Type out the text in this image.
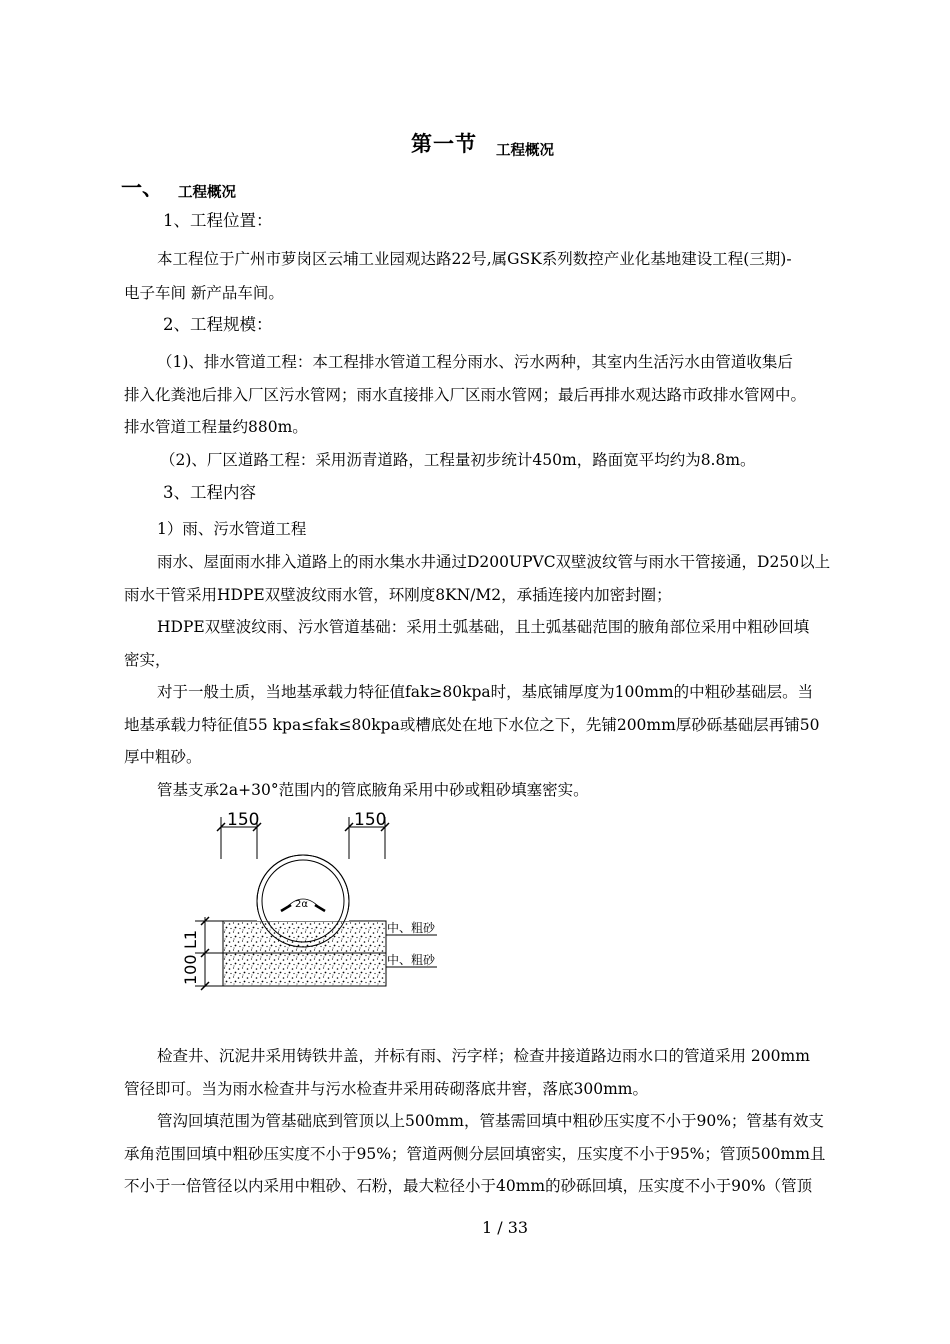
第一节 工程概况
一、 工程概况
1、工程位置：
本工程位于广州市萝岗区云埔工业园观达路22号,属GSK系列数控产业化基地建设工程(三期)-
电子车间 新产品车间。
2、工程规模：
（1)、排水管道工程：本工程排水管道工程分雨水、污水两种，其室内生活污水由管道收集后
排入化粪池后排入厂区污水管网；雨水直接排入厂区雨水管网；最后再排水观达路市政排水管网中。
排水管道工程量约880m。
（2)、厂区道路工程：采用沥青道路，工程量初步统计450m，路面宽平均约为8.8m。
3、工程内容
1）雨、污水管道工程
雨水、屋面雨水排入道路上的雨水集水井通过D200UPVC双壁波纹管与雨水干管接通，D250以上
雨水干管采用HDPE双壁波纹雨水管，环刚度8KN/M2，承插连接内加密封圈；
HDPE双壁波纹雨、污水管道基础：采用土弧基础，且土弧基础范围的腋角部位采用中粗砂回填
密实，
对于一般土质，当地基承载力特征值fak≥80kpa时，基底铺厚度为100mm的中粗砂基础层。当
地基承载力特征值55 kpa≤fak≤80kpa或槽底处在地下水位之下，先铺200mm厚砂砾基础层再铺50
厚中粗砂。
管基支承2a+30°范围内的管底腋角采用中砂或粗砂填塞密实。
150	150
2α
L1
100
中、粗砂
中、粗砂
检查井、沉泥井采用铸铁井盖，并标有雨、污字样；检查井接道路边雨水口的管道采用 200mm
管径即可。当为雨水检查井与污水检查井采用砖砌落底井窖，落底300mm。
管沟回填范围为管基础底到管顶以上500mm，管基需回填中粗砂压实度不小于90%；管基有效支
承角范围回填中粗砂压实度不小于95%；管道两侧分层回填密实，压实度不小于95%；管顶500mm且
不小于一倍管径以内采用中粗砂、石粉，最大粒径小于40mm的砂砾回填，压实度不小于90%（管顶
1 / 33
